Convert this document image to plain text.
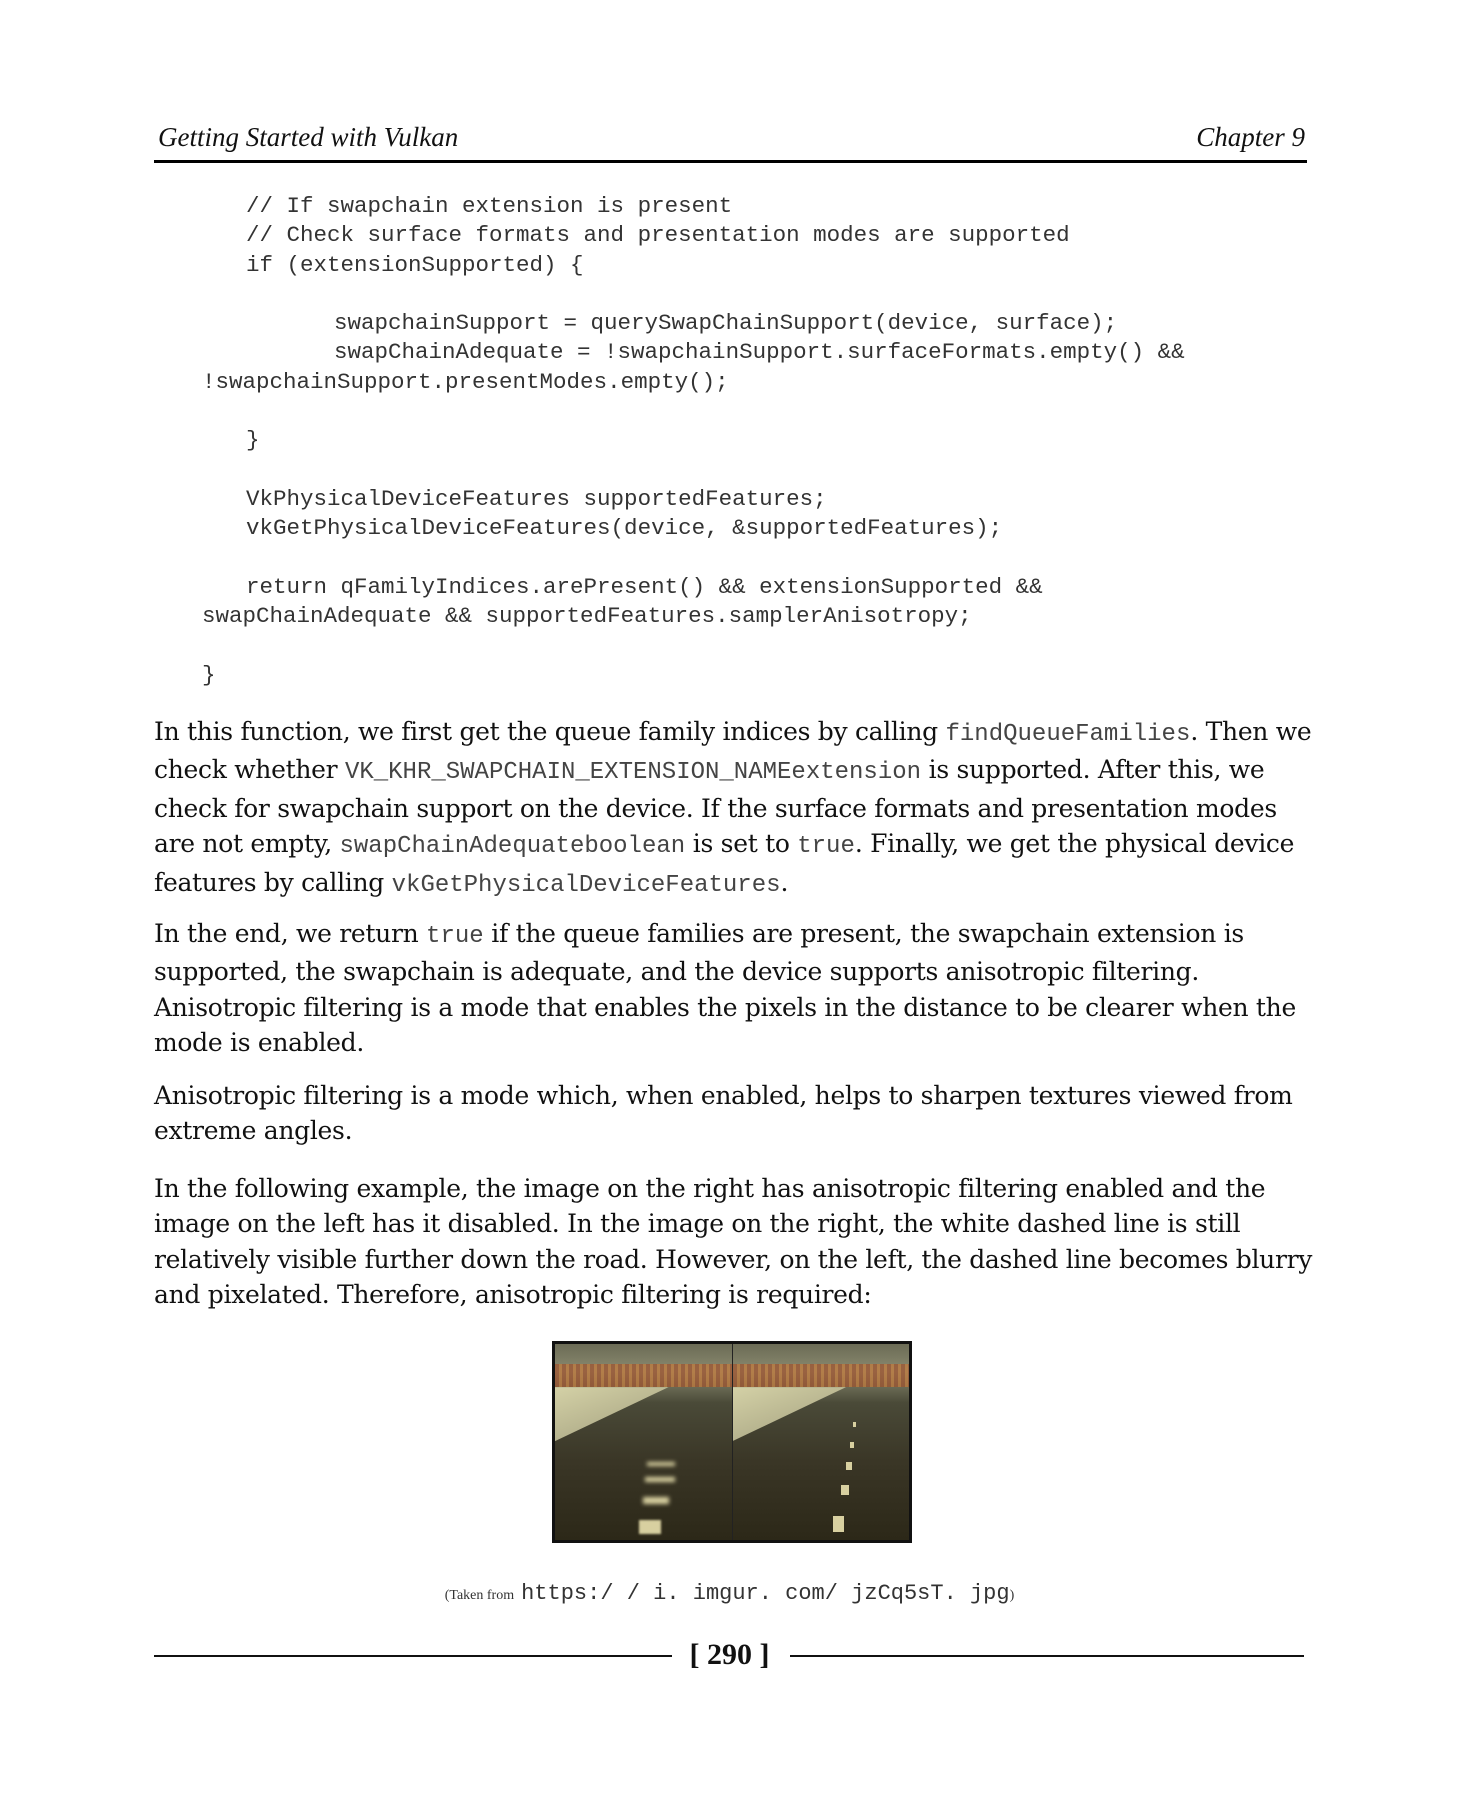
Getting Started with Vulkan	Chapter 9
// If swapchain extension is present
// Check surface formats and presentation modes are supported
if (extensionSupported) {
swapchainSupport = querySwapChainSupport(device, surface);
swapChainAdequate = !swapchainSupport.surfaceFormats.empty() &&
!swapchainSupport.presentModes.empty();
}
VkPhysicalDeviceFeatures supportedFeatures;
vkGetPhysicalDeviceFeatures(device, &supportedFeatures);
return qFamilyIndices.arePresent() && extensionSupported &&
swapChainAdequate && supportedFeatures.samplerAnisotropy;
}
In this function, we first get the queue family indices by calling findQueueFamilies. Then we check whether VK_KHR_SWAPCHAIN_EXTENSION_NAMEextension is supported. After this, we check for swapchain support on the device. If the surface formats and presentation modes are not empty, swapChainAdequateboolean is set to true. Finally, we get the physical device features by calling vkGetPhysicalDeviceFeatures.
In the end, we return true if the queue families are present, the swapchain extension is supported, the swapchain is adequate, and the device supports anisotropic filtering. Anisotropic filtering is a mode that enables the pixels in the distance to be clearer when the mode is enabled.
Anisotropic filtering is a mode which, when enabled, helps to sharpen textures viewed from extreme angles.
In the following example, the image on the right has anisotropic filtering enabled and the image on the left has it disabled. In the image on the right, the white dashed line is still relatively visible further down the road. However, on the left, the dashed line becomes blurry and pixelated. Therefore, anisotropic filtering is required:
(Taken from https:/ / i. imgur. com/ jzCq5sT. jpg)
[ 290 ]
